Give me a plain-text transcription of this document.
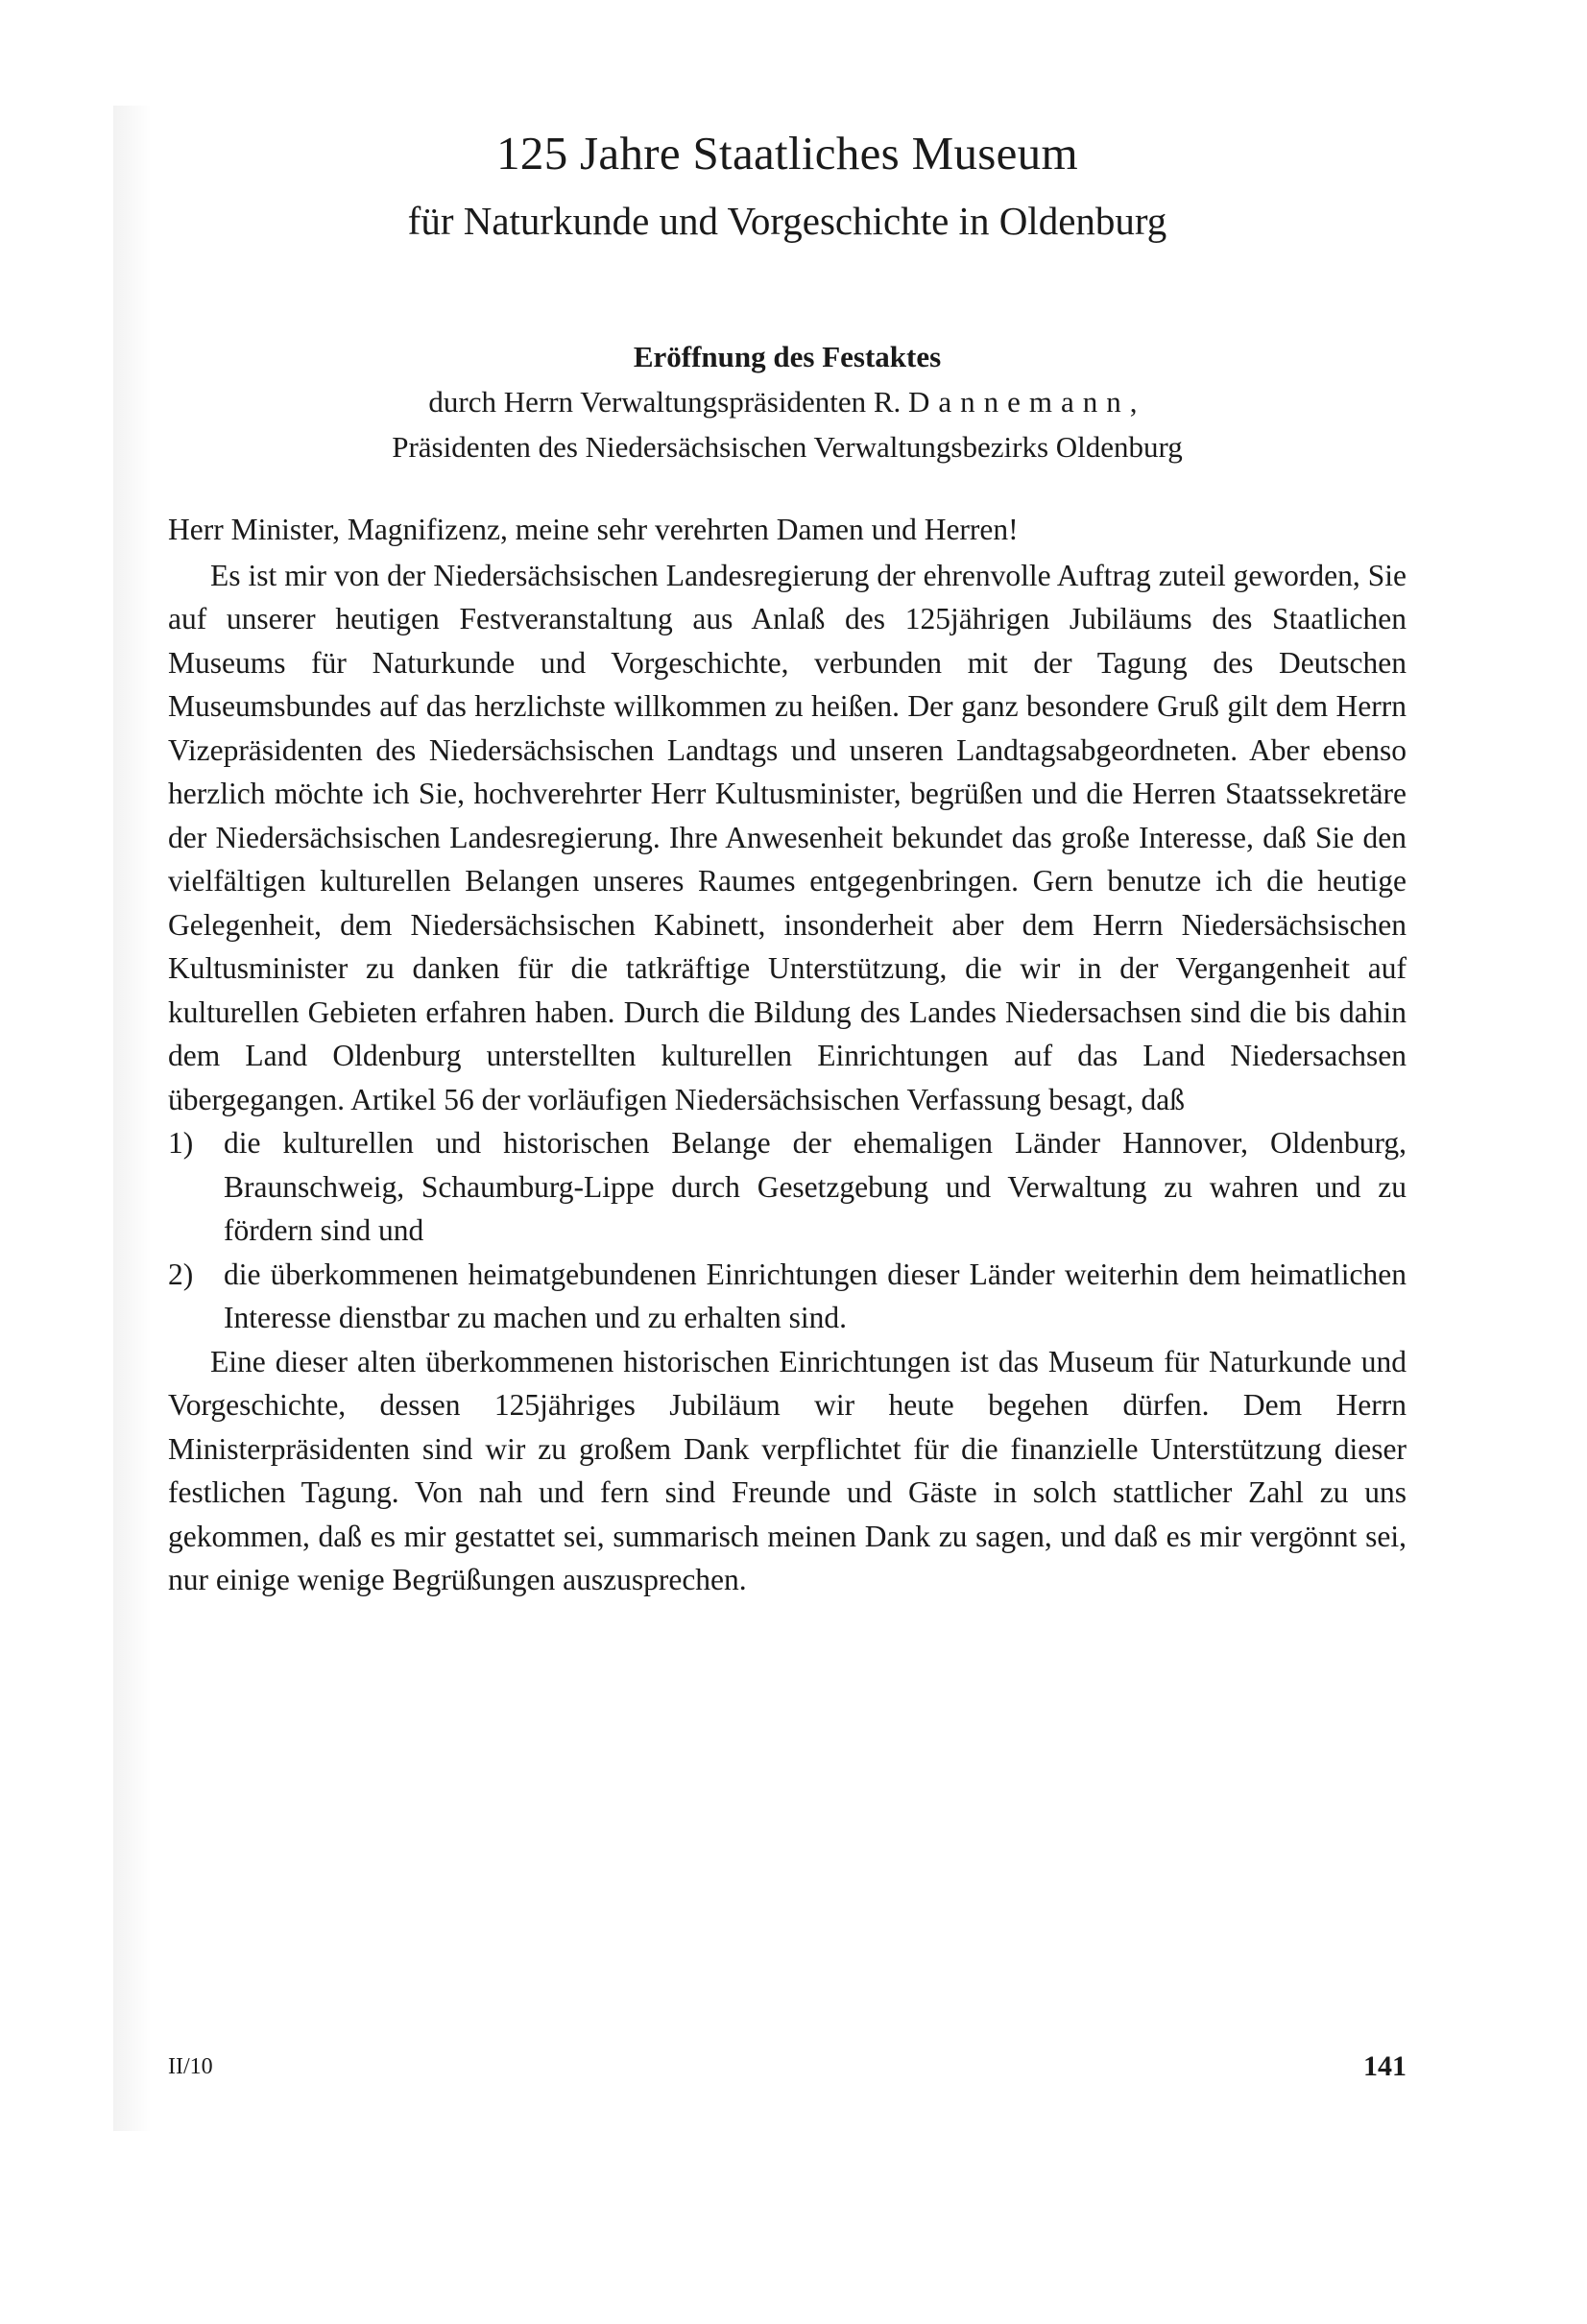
125 Jahre Staatliches Museum
für Naturkunde und Vorgeschichte in Oldenburg
Eröffnung des Festaktes
durch Herrn Verwaltungspräsidenten R. Dannemann,
Präsidenten des Niedersächsischen Verwaltungsbezirks Oldenburg

Herr Minister, Magnifizenz, meine sehr verehrten Damen und Herren!

Es ist mir von der Niedersächsischen Landesregierung der ehrenvolle Auftrag zuteil geworden, Sie auf unserer heutigen Festveranstaltung aus Anlaß des 125jährigen Jubiläums des Staatlichen Museums für Naturkunde und Vorgeschichte, verbunden mit der Tagung des Deutschen Museumsbundes auf das herzlichste willkommen zu heißen. Der ganz besondere Gruß gilt dem Herrn Vizepräsidenten des Niedersächsischen Landtags und unseren Landtagsabgeordneten. Aber ebenso herzlich möchte ich Sie, hochverehrter Herr Kultusminister, begrüßen und die Herren Staatssekretäre der Niedersächsischen Landesregierung. Ihre Anwesenheit bekundet das große Interesse, daß Sie den vielfältigen kulturellen Belangen unseres Raumes entgegenbringen. Gern benutze ich die heutige Gelegenheit, dem Niedersächsischen Kabinett, insonderheit aber dem Herrn Niedersächsischen Kultusminister zu danken für die tatkräftige Unterstützung, die wir in der Vergangenheit auf kulturellen Gebieten erfahren haben. Durch die Bildung des Landes Niedersachsen sind die bis dahin dem Land Oldenburg unterstellten kulturellen Einrichtungen auf das Land Niedersachsen übergegangen. Artikel 56 der vorläufigen Niedersächsischen Verfassung besagt, daß

1)	die kulturellen und historischen Belange der ehemaligen Länder Hannover, Oldenburg, Braunschweig, Schaumburg-Lippe durch Gesetzgebung und Verwaltung zu wahren und zu fördern sind und
2)	die überkommenen heimatgebundenen Einrichtungen dieser Länder weiterhin dem heimatlichen Interesse dienstbar zu machen und zu erhalten sind.

Eine dieser alten überkommenen historischen Einrichtungen ist das Museum für Naturkunde und Vorgeschichte, dessen 125jähriges Jubiläum wir heute begehen dürfen. Dem Herrn Ministerpräsidenten sind wir zu großem Dank verpflichtet für die finanzielle Unterstützung dieser festlichen Tagung. Von nah und fern sind Freunde und Gäste in solch stattlicher Zahl zu uns gekommen, daß es mir gestattet sei, summarisch meinen Dank zu sagen, und daß es mir vergönnt sei, nur einige wenige Begrüßungen auszusprechen.

II/10	141
